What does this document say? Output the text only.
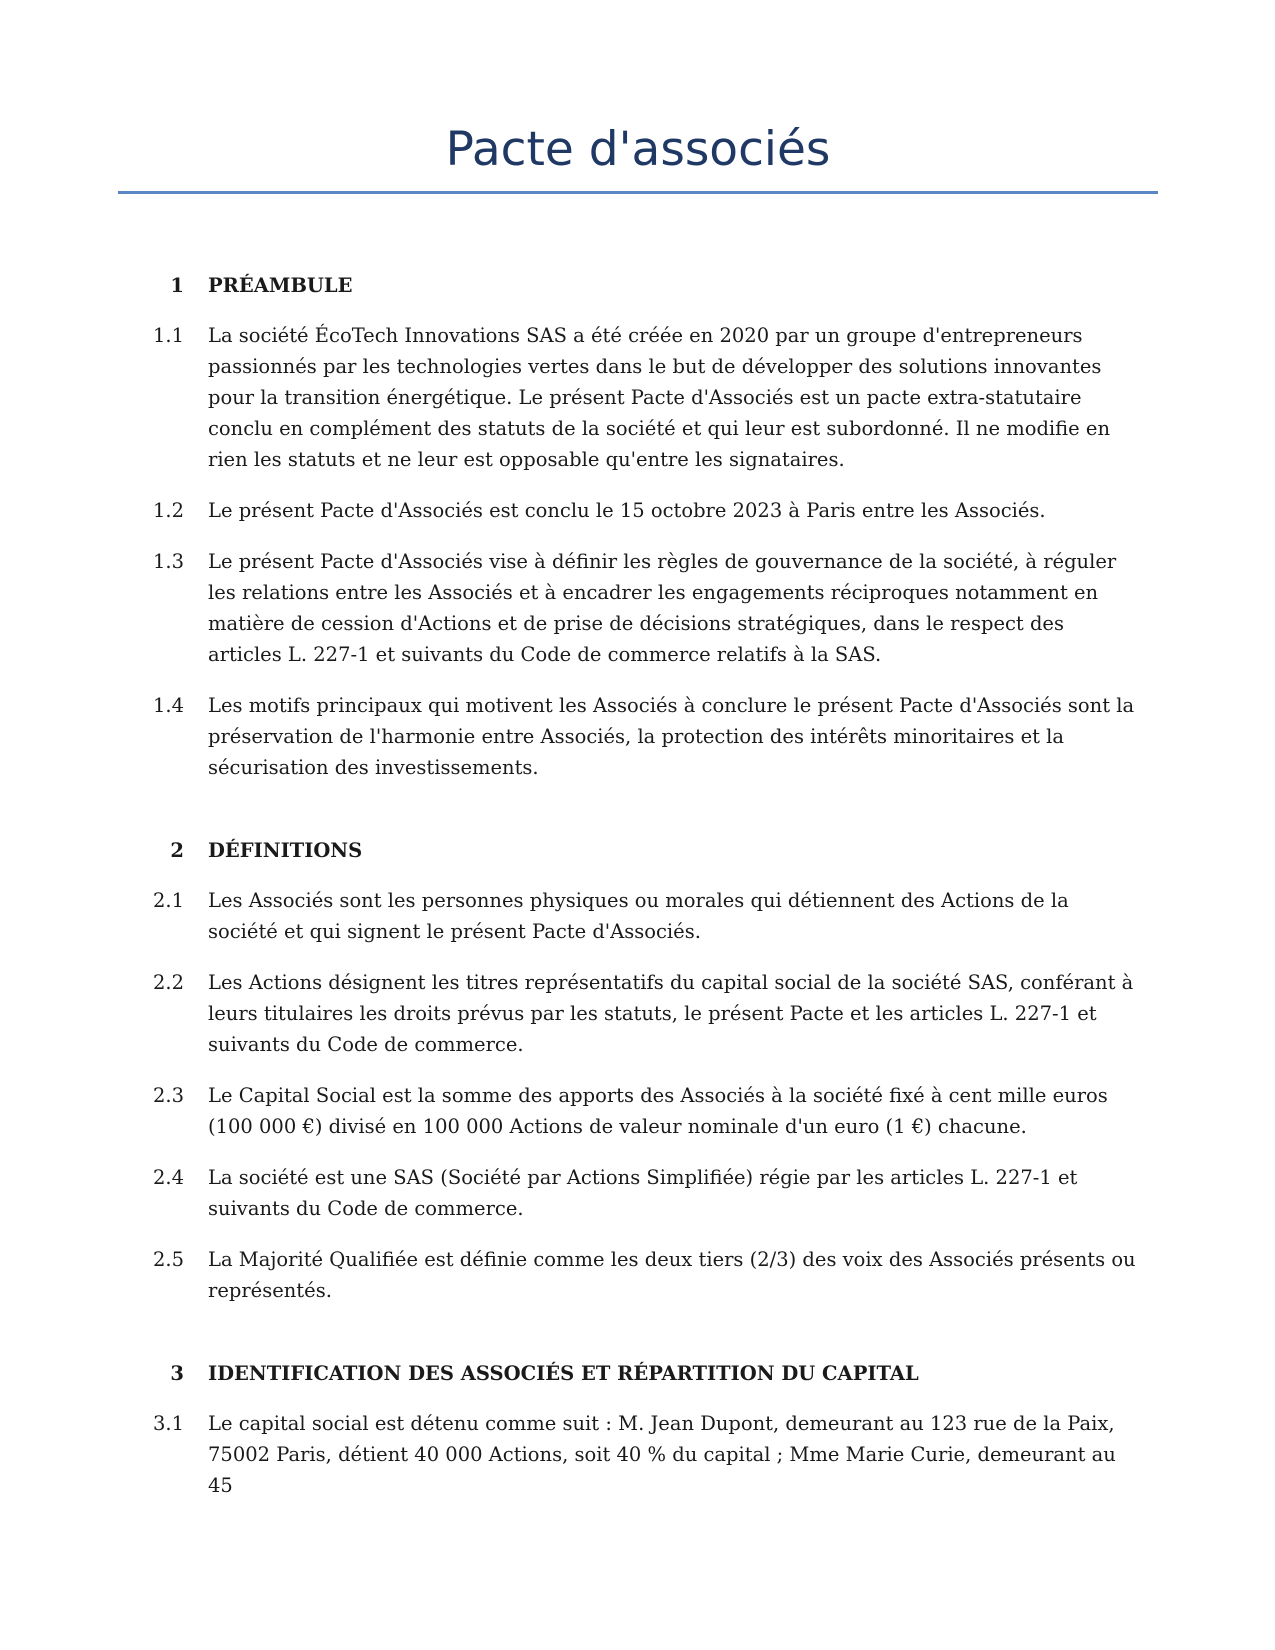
Pacte d'associés
1 PRÉAMBULE
1.1 La société ÉcoTech Innovations SAS a été créée en 2020 par un groupe d'entrepreneurs passionnés par les technologies vertes dans le but de développer des solutions innovantes pour la transition énergétique. Le présent Pacte d'Associés est un pacte extra-statutaire conclu en complément des statuts de la société et qui leur est subordonné. Il ne modifie en rien les statuts et ne leur est opposable qu'entre les signataires.
1.2 Le présent Pacte d'Associés est conclu le 15 octobre 2023 à Paris entre les Associés.
1.3 Le présent Pacte d'Associés vise à définir les règles de gouvernance de la société, à réguler les relations entre les Associés et à encadrer les engagements réciproques notamment en matière de cession d'Actions et de prise de décisions stratégiques, dans le respect des articles L. 227-1 et suivants du Code de commerce relatifs à la SAS.
1.4 Les motifs principaux qui motivent les Associés à conclure le présent Pacte d'Associés sont la préservation de l'harmonie entre Associés, la protection des intérêts minoritaires et la sécurisation des investissements.
2 DÉFINITIONS
2.1 Les Associés sont les personnes physiques ou morales qui détiennent des Actions de la société et qui signent le présent Pacte d'Associés.
2.2 Les Actions désignent les titres représentatifs du capital social de la société SAS, conférant à leurs titulaires les droits prévus par les statuts, le présent Pacte et les articles L. 227-1 et suivants du Code de commerce.
2.3 Le Capital Social est la somme des apports des Associés à la société fixé à cent mille euros (100 000 €) divisé en 100 000 Actions de valeur nominale d'un euro (1 €) chacune.
2.4 La société est une SAS (Société par Actions Simplifiée) régie par les articles L. 227-1 et suivants du Code de commerce.
2.5 La Majorité Qualifiée est définie comme les deux tiers (2/3) des voix des Associés présents ou représentés.
3 IDENTIFICATION DES ASSOCIÉS ET RÉPARTITION DU CAPITAL
3.1 Le capital social est détenu comme suit : M. Jean Dupont, demeurant au 123 rue de la Paix, 75002 Paris, détient 40 000 Actions, soit 40 % du capital ; Mme Marie Curie, demeurant au 45
